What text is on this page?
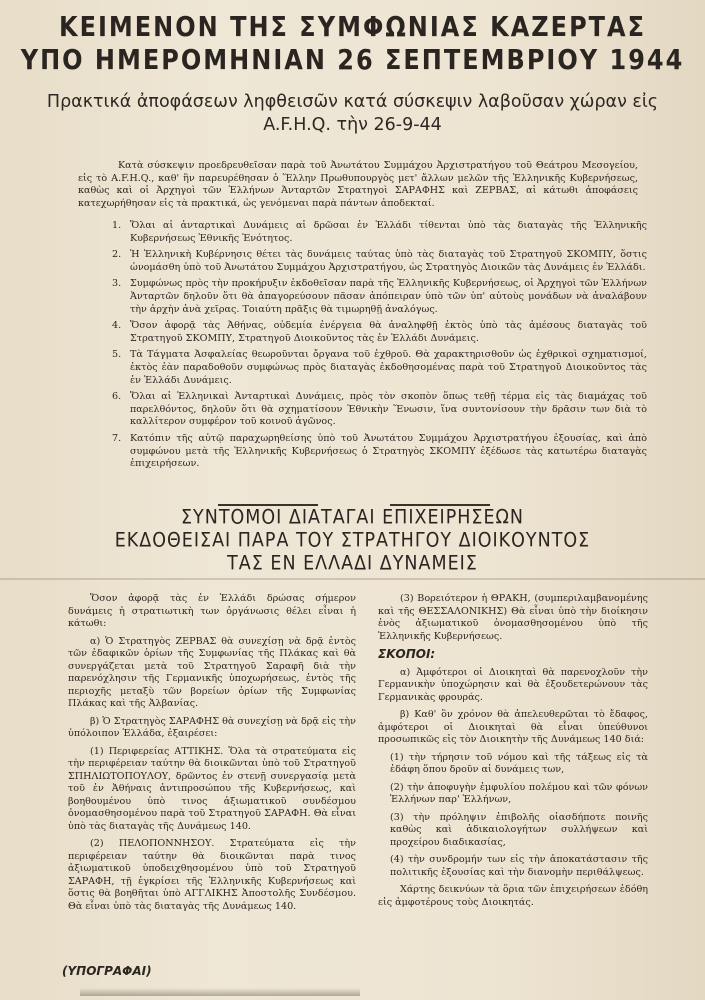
ΚΕΙΜΕΝΟΝ ΤΗΣ ΣΥΜΦΩΝΙΑΣ ΚΑΖΕΡΤΑΣ
ΥΠΟ ΗΜΕΡΟΜΗΝΙΑΝ 26 ΣΕΠΤΕΜΒΡΙΟΥ 1944
Πρακτικά ἀποφάσεων ληφθεισῶν κατά σύσκεψιν λαβοῦσαν χώραν εἰς A.F.H.Q. τὴν 26-9-44
Κατὰ σύσκεψιν προεδρευθεῖσαν παρὰ τοῦ Ἀνωτάτου Συμμάχου Ἀρχιστρατήγου τοῦ Θεάτρου Μεσογείου, εἰς τὸ A.F.H.Q., καθ' ἣν παρευρέθησαν ὁ Ἕλλην Πρωθυπουργὸς μετ' ἄλλων μελῶν τῆς Ἑλληνικῆς Κυβερνήσεως, καθὼς καὶ οἱ Ἀρχηγοὶ τῶν Ἑλλήνων Ἀνταρτῶν Στρατηγοὶ ΣΑΡΑΦΗΣ καὶ ΖΕΡΒΑΣ, αἱ κάτωθι ἀποφάσεις κατεχωρήθησαν εἰς τὰ πρακτικά, ὡς γενόμεναι παρὰ πάντων ἀποδεκταί.
1. Ὅλαι αἱ ἀνταρτικαὶ Δυνάμεις αἱ δρῶσαι ἐν Ἑλλάδι τίθενται ὑπὸ τὰς διαταγὰς τῆς Ἑλληνικῆς Κυβερνήσεως Ἐθνικῆς Ἑνότητος.
2. Ἡ Ἑλληνικὴ Κυβέρνησις θέτει τὰς δυνάμεις ταύτας ὑπὸ τὰς διαταγὰς τοῦ Στρατηγοῦ ΣΚΟΜΠΥ, ὅστις ὠνομάσθη ὑπὸ τοῦ Ἀνωτάτου Συμμάχου Ἀρχιστρατήγου, ὡς Στρατηγὸς Διοικῶν τὰς Δυνάμεις ἐν Ἑλλάδι.
3. Συμφώνως πρὸς τὴν προκήρυξιν ἐκδοθεῖσαν παρὰ τῆς Ἑλληνικῆς Κυβερνήσεως, οἱ Ἀρχηγοὶ τῶν Ἑλλήνων Ἀνταρτῶν δηλοῦν ὅτι θὰ ἀπαγορεύσουν πᾶσαν ἀπόπειραν ὑπὸ τῶν ὑπ' αὐτοὺς μονάδων νὰ ἀναλάβουν τὴν ἀρχὴν ἀνὰ χεῖρας. Τοιαύτη πρᾶξις θὰ τιμωρηθῇ ἀναλόγως.
4. Ὅσον ἀφορᾷ τὰς Ἀθήνας, οὐδεμία ἐνέργεια θὰ ἀναληφθῇ ἐκτὸς ὑπὸ τὰς ἀμέσους διαταγὰς τοῦ Στρατηγοῦ ΣΚΟΜΠΥ, Στρατηγοῦ Διοικοῦντος τὰς ἐν Ἑλλάδι Δυνάμεις.
5. Τὰ Τάγματα Ἀσφαλείας θεωροῦνται ὄργανα τοῦ ἐχθροῦ. Θὰ χαρακτηρισθοῦν ὡς ἐχθρικοὶ σχηματισμοί, ἐκτὸς ἐὰν παραδοθοῦν συμφώνως πρὸς διαταγὰς ἐκδοθησομένας παρὰ τοῦ Στρατηγοῦ Διοικοῦντος τὰς ἐν Ἑλλάδι Δυνάμεις.
6. Ὅλαι αἱ Ἑλληνικαὶ Ἀνταρτικαὶ Δυνάμεις, πρὸς τὸν σκοπὸν ὅπως τεθῇ τέρμα εἰς τὰς διαμάχας τοῦ παρελθόντος, δηλοῦν ὅτι θὰ σχηματίσουν Ἐθνικὴν Ἕνωσιν, ἵνα συντονίσουν τὴν δρᾶσιν των διὰ τὸ καλλίτερον συμφέρον τοῦ κοινοῦ ἀγῶνος.
7. Κατόπιν τῆς αὐτῷ παραχωρηθείσης ὑπὸ τοῦ Ἀνωτάτου Συμμάχου Ἀρχιστρατήγου ἐξουσίας, καὶ ἀπὸ συμφώνου μετὰ τῆς Ἑλληνικῆς Κυβερνήσεως ὁ Στρατηγὸς ΣΚΟΜΠΥ ἐξέδωσε τὰς κατωτέρω διαταγὰς ἐπιχειρήσεων.
ΣΥΝΤΟΜΟΙ ΔΙΑΤΑΓΑΙ ΕΠΙΧΕΙΡΗΣΕΩΝ
ΕΚΔΟΘΕΙΣΑΙ ΠΑΡΑ ΤΟΥ ΣΤΡΑΤΗΓΟΥ ΔΙΟΙΚΟΥΝΤΟΣ
ΤΑΣ ΕΝ ΕΛΛΑΔΙ ΔΥΝΑΜΕΙΣ

Ὅσον ἀφορᾷ τὰς ἐν Ἑλλάδι δρώσας σήμερον δυνάμεις ἡ στρατιωτικὴ των ὀργάνωσις θέλει εἶναι ἡ κάτωθι:

α) Ὁ Στρατηγὸς ΖΕΡΒΑΣ θὰ συνεχίσῃ νὰ δρᾷ ἐντὸς τῶν ἐδαφικῶν ὁρίων τῆς Συμφωνίας τῆς Πλάκας καὶ θὰ συνεργάζεται μετὰ τοῦ Στρατηγοῦ Σαραφῆ διὰ τὴν παρενόχλησιν τῆς Γερμανικῆς ὑποχωρήσεως, ἐντὸς τῆς περιοχῆς μεταξὺ τῶν βορείων ὁρίων τῆς Συμφωνίας Πλάκας καὶ τῆς Ἀλβανίας.

β) Ὁ Στρατηγὸς ΣΑΡΑΦΗΣ θὰ συνεχίσῃ νὰ δρᾷ εἰς τὴν ὑπόλοιπον Ἑλλάδα, ἐξαιρέσει:

(1) Περιφερείας ΑΤΤΙΚΗΣ. Ὅλα τὰ στρατεύματα εἰς τὴν περιφέρειαν ταύτην θὰ διοικῶνται ὑπὸ τοῦ Στρατηγοῦ ΣΠΗΛΙΩΤΟΠΟΥΛΟΥ, δρῶντος ἐν στενῇ συνεργασίᾳ μετὰ τοῦ ἐν Ἀθήναις ἀντιπροσώπου τῆς Κυβερνήσεως, καὶ βοηθουμένου ὑπὸ τινος ἀξιωματικοῦ συνδέσμου ὀνομασθησομένου παρὰ τοῦ Στρατηγοῦ ΣΑΡΑΦΗ. Θὰ εἶναι ὑπὸ τὰς διαταγὰς τῆς Δυνάμεως 140.

(2) ΠΕΛΟΠΟΝΝΗΣΟΥ. Στρατεύματα εἰς τὴν περιφέρειαν ταύτην θὰ διοικῶνται παρὰ τινος ἀξιωματικοῦ ὑποδειχθησομένου ὑπὸ τοῦ Στρατηγοῦ ΣΑΡΑΦΗ, τῇ ἐγκρίσει τῆς Ἑλληνικῆς Κυβερνήσεως καὶ ὅστις θὰ βοηθῆται ὑπὸ ΑΓΓΛΙΚΗΣ Ἀποστολῆς Συνδέσμου. Θὰ εἶναι ὑπὸ τὰς διαταγὰς τῆς Δυνάμεως 140.

(3) Βορειότερον ἡ ΘΡΑΚΗ, (συμπεριλαμβανομένης καὶ τῆς ΘΕΣΣΑΛΟΝΙΚΗΣ) Θὰ εἶναι ὑπὸ τὴν διοίκησιν ἑνὸς ἀξιωματικοῦ ὀνομασθησομένου ὑπὸ τῆς Ἑλληνικῆς Κυβερνήσεως.

ΣΚΟΠΟΙ:

α) Ἀμφότεροι οἱ Διοικηταὶ θὰ παρενοχλοῦν τὴν Γερμανικὴν ὑποχώρησιν καὶ θὰ ἐξουδετερώνουν τὰς Γερμανικὰς φρουράς.

β) Καθ' ὃν χρόνον θὰ ἀπελευθερῶται τὸ ἔδαφος, ἀμφότεροι οἱ Διοικηταὶ θὰ εἶναι ὑπεύθυνοι προσωπικῶς εἰς τὸν Διοικητὴν τῆς Δυνάμεως 140 διά:

(1) τὴν τήρησιν τοῦ νόμου καὶ τῆς τάξεως εἰς τὰ ἐδάφη ὅπου δροῦν αἱ δυνάμεις των,

(2) τὴν ἀποφυγὴν ἐμφυλίου πολέμου καὶ τῶν φόνων Ἑλλήνων παρ' Ἑλλήνων,

(3) τὴν πρόληψιν ἐπιβολῆς οἱασδήποτε ποινῆς καθὼς καὶ ἀδικαιολογήτων συλλήψεων καὶ προχείρου διαδικασίας,

(4) τὴν συνδρομήν των εἰς τὴν ἀποκατάστασιν τῆς πολιτικῆς ἐξουσίας καὶ τὴν διανομὴν περιθάλψεως.

Χάρτης δεικνύων τὰ ὅρια τῶν ἐπιχειρήσεων ἐδόθη εἰς ἀμφοτέρους τοὺς Διοικητάς.

(ΥΠΟΓΡΑΦΑΙ)
